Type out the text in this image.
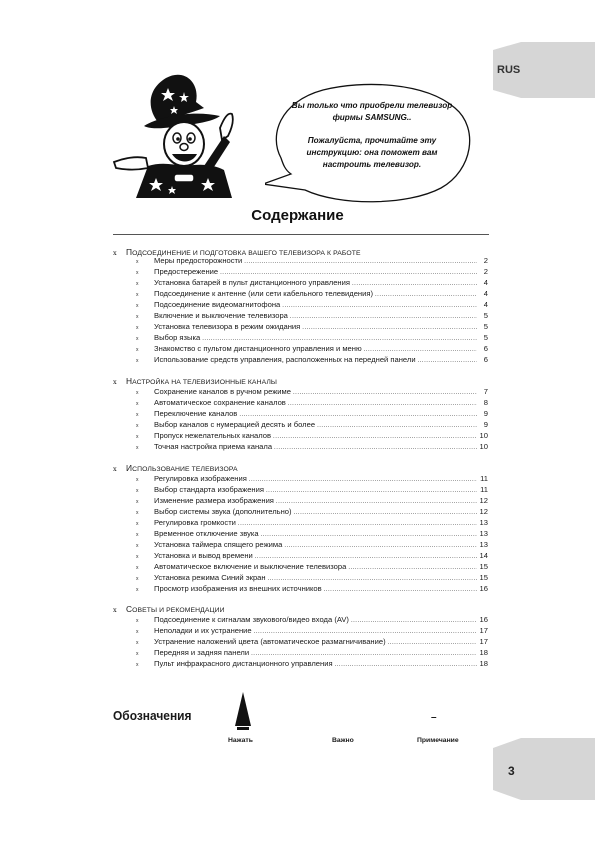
RUS
3

Вы только что приобрели телевизор фирмы SAMSUNG..

Пожалуйста, прочитайте эту инструкцию: она поможет вам настроить телевизор.

Содержание
x ПОДСОЕДИНЕНИЕ И ПОДГОТОВКА ВАШЕГО ТЕЛЕВИЗОРА К РАБОТЕ
x	Меры предосторожности .....	2
x	Предостережение .....	2
x	Установка батарей в пульт дистанционного управления .....	4
x	Подсоединение к антенне (или сети кабельного телевидения) .....	4
x	Подсоединение видеомагнитофона .....	4
x	Включение и выключение телевизора .....	5
x	Установка телевизора в режим ожидания .....	5
x	Выбор языка .....	5
x	Знакомство с пультом дистанционного управления и меню .....	6
x	Использование средств управления, расположенных на передней панели .....	6
x НАСТРОЙКА НА ТЕЛЕВИЗИОННЫЕ КАНАЛЫ
x	Сохранение каналов в ручном режиме .....	7
x	Автоматическое сохранение каналов .....	8
x	Переключение каналов .....	9
x	Выбор каналов с нумерацией десять и более .....	9
x	Пропуск нежелательных каналов .....	10
x	Точная настройка приема канала .....	10
x ИСПОЛЬЗОВАНИЕ ТЕЛЕВИЗОРА
x	Регулировка изображения .....	11
x	Выбор стандарта изображения .....	11
x	Изменение размера изображения .....	12
x	Выбор системы звука (дополнительно) .....	12
x	Регулировка громкости .....	13
x	Временное отключение звука .....	13
x	Установка таймера спящего режима .....	13
x	Установка и вывод времени .....	14
x	Автоматическое включение и выключение телевизора .....	15
x	Установка режима Синий экран .....	15
x	Просмотр изображения из внешних источников .....	16
x СОВЕТЫ И РЕКОМЕНДАЦИИ
x	Подсоединение к сигналам звукового/видео входа (AV) .....	16
x	Неполадки и их устранение .....	17
x	Устранение наложений цвета (автоматическое размагничивание) .....	17
x	Передняя и задняя панели .....	18
x	Пульт инфракрасного дистанционного управления .....	18
Обозначения	–
Нажать	Важно	Примечание
